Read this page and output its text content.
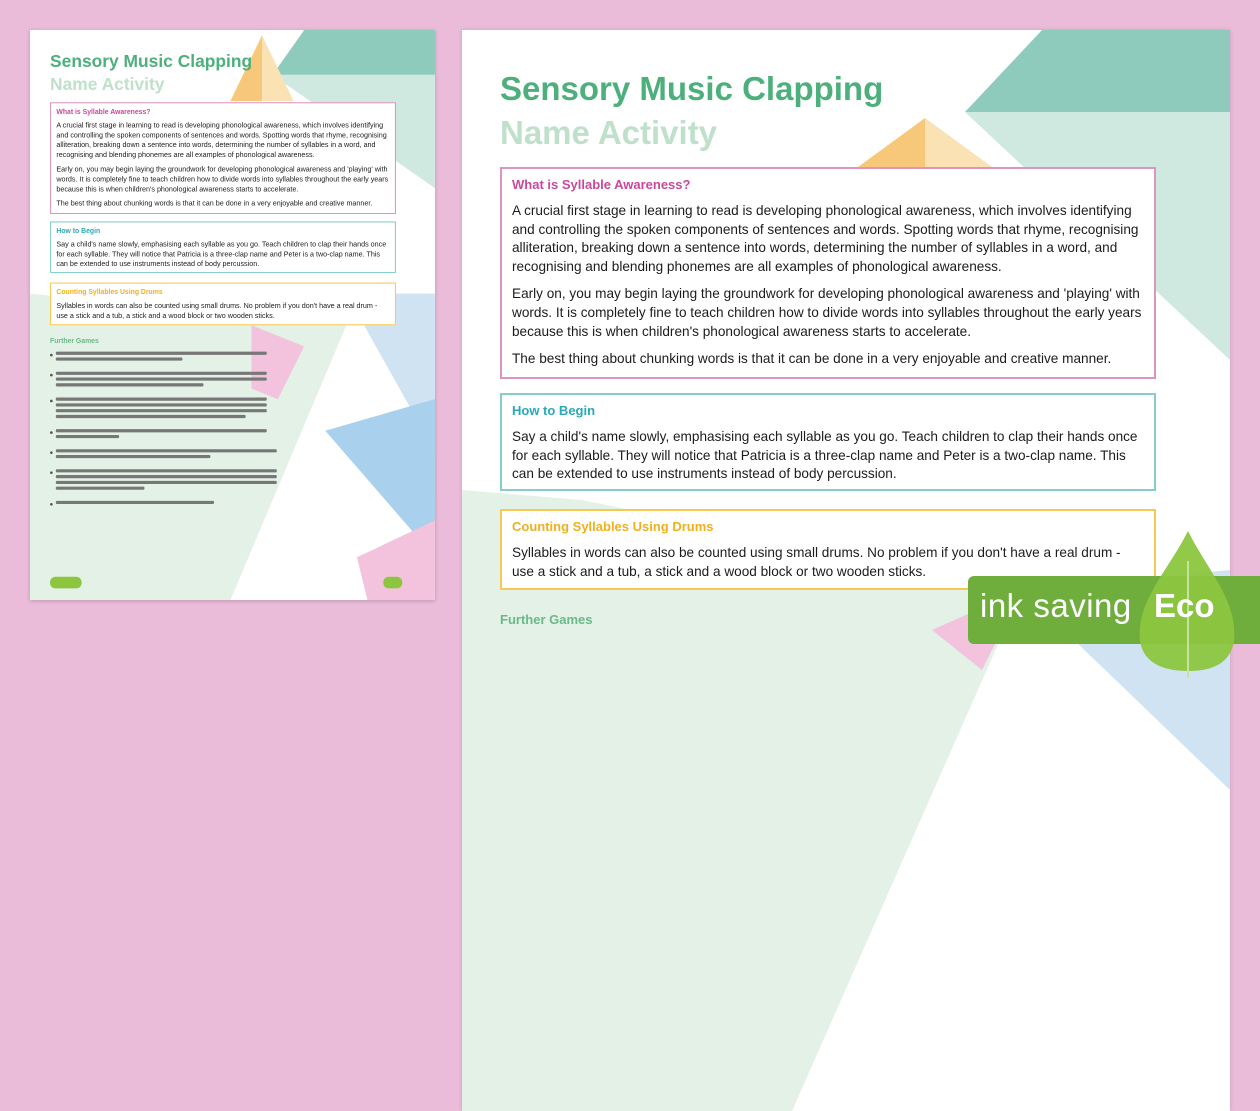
Sensory Music Clapping
Name Activity
What is Syllable Awareness?

A crucial first stage in learning to read is developing phonological awareness, which involves identifying and controlling the spoken components of sentences and words. Spotting words that rhyme, recognising alliteration, breaking down a sentence into words, determining the number of syllables in a word, and recognising and blending phonemes are all examples of phonological awareness.

Early on, you may begin laying the groundwork for developing phonological awareness and 'playing' with words. It is completely fine to teach children how to divide words into syllables throughout the early years because this is when children's phonological awareness starts to accelerate.

The best thing about chunking words is that it can be done in a very enjoyable and creative manner.

How to Begin

Say a child's name slowly, emphasising each syllable as you go. Teach children to clap their hands once for each syllable. They will notice that Patricia is a three-clap name and Peter is a two-clap name. This can be extended to use instruments instead of body percussion.

Counting Syllables Using Drums

Syllables in words can also be counted using small drums. No problem if you don't have a real drum - use a stick and a tub, a stick and a wood block or two wooden sticks.

Further Games
Sensory Music Clapping
Name Activity
What is Syllable Awareness?

A crucial first stage in learning to read is developing phonological awareness, which involves identifying and controlling the spoken components of sentences and words. Spotting words that rhyme, recognising alliteration, breaking down a sentence into words, determining the number of syllables in a word, and recognising and blending phonemes are all examples of phonological awareness.

Early on, you may begin laying the groundwork for developing phonological awareness and 'playing' with words. It is completely fine to teach children how to divide words into syllables throughout the early years because this is when children's phonological awareness starts to accelerate.

The best thing about chunking words is that it can be done in a very enjoyable and creative manner.

How to Begin

Say a child's name slowly, emphasising each syllable as you go. Teach children to clap their hands once for each syllable. They will notice that Patricia is a three-clap name and Peter is a two-clap name. This can be extended to use instruments instead of body percussion.

Counting Syllables Using Drums

Syllables in words can also be counted using small drums. No problem if you don't have a real drum - use a stick and a tub, a stick and a wood block or two wooden sticks.

Further Games	ink saving Eco
